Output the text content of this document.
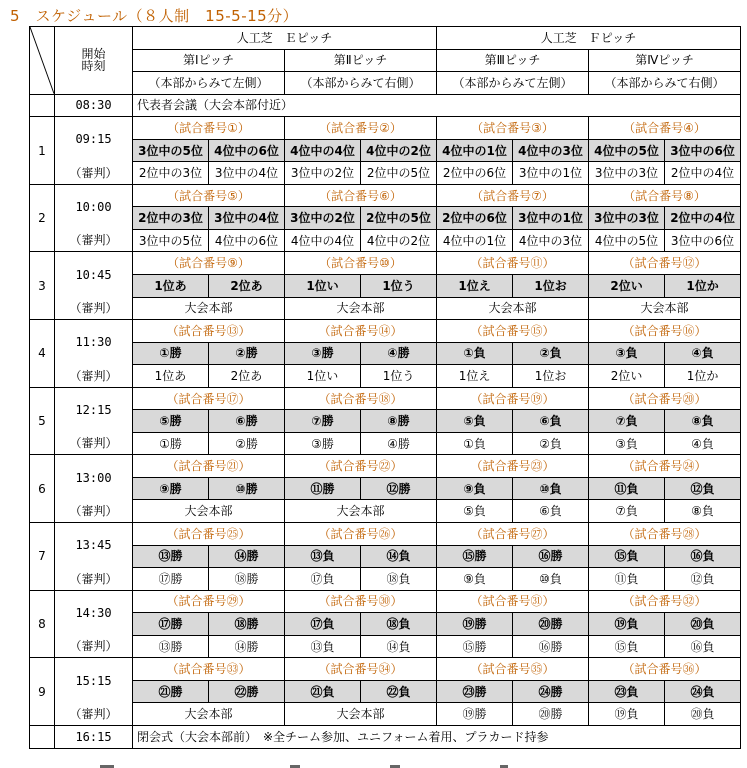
5　スケジュール（８人制　15-5-15分）
	開始
時刻	人工芝　Ｅピッチ				人工芝　Ｆピッチ			
		第Ⅰピッチ		第Ⅱピッチ		第Ⅲピッチ		第Ⅳピッチ	
		（本部からみて左側）		（本部からみて右側）		（本部からみて左側）		（本部からみて右側）	
	08:30	代表者会議（大会本部付近）							
1	09:15	（試合番号①）		（試合番号②）		（試合番号③）		（試合番号④）	
		3位中の5位	4位中の6位	4位中の4位	4位中の2位	4位中の1位	4位中の3位	4位中の5位	3位中の6位
	（審判）	2位中の3位	3位中の4位	3位中の2位	2位中の5位	2位中の6位	3位中の1位	3位中の3位	2位中の4位
2	10:00	（試合番号⑤）		（試合番号⑥）		（試合番号⑦）		（試合番号⑧）	
		2位中の3位	3位中の4位	3位中の2位	2位中の5位	2位中の6位	3位中の1位	3位中の3位	2位中の4位
	（審判）	3位中の5位	4位中の6位	4位中の4位	4位中の2位	4位中の1位	4位中の3位	4位中の5位	3位中の6位
3	10:45	（試合番号⑨）		（試合番号⑩）		（試合番号⑪）		（試合番号⑫）	
		1位あ	2位あ	1位い	1位う	1位え	1位お	2位い	1位か
	（審判）	大会本部		大会本部		大会本部		大会本部	
4	11:30	（試合番号⑬）		（試合番号⑭）		（試合番号⑮）		（試合番号⑯）	
		①勝	②勝	③勝	④勝	①負	②負	③負	④負
	（審判）	1位あ	2位あ	1位い	1位う	1位え	1位お	2位い	1位か
5	12:15	（試合番号⑰）		（試合番号⑱）		（試合番号⑲）		（試合番号⑳）	
		⑤勝	⑥勝	⑦勝	⑧勝	⑤負	⑥負	⑦負	⑧負
	（審判）	①勝	②勝	③勝	④勝	①負	②負	③負	④負
6	13:00	（試合番号㉑）		（試合番号㉒）		（試合番号㉓）		（試合番号㉔）	
		⑨勝	⑩勝	⑪勝	⑫勝	⑨負	⑩負	⑪負	⑫負
	（審判）	大会本部		大会本部		⑤負	⑥負	⑦負	⑧負
7	13:45	（試合番号㉕）		（試合番号㉖）		（試合番号㉗）		（試合番号㉘）	
		⑬勝	⑭勝	⑬負	⑭負	⑮勝	⑯勝	⑮負	⑯負
	（審判）	⑰勝	⑱勝	⑰負	⑱負	⑨負	⑩負	⑪負	⑫負
8	14:30	（試合番号㉙）		（試合番号㉚）		（試合番号㉛）		（試合番号㉜）	
		⑰勝	⑱勝	⑰負	⑱負	⑲勝	⑳勝	⑲負	⑳負
	（審判）	⑬勝	⑭勝	⑬負	⑭負	⑮勝	⑯勝	⑮負	⑯負
9	15:15	（試合番号㉝）		（試合番号㉞）		（試合番号㉟）		（試合番号㊱）	
		㉑勝	㉒勝	㉑負	㉒負	㉓勝	㉔勝	㉓負	㉔負
	（審判）	大会本部		大会本部		⑲勝	⑳勝	⑲負	⑳負
	16:15	閉会式（大会本部前）　※全チーム参加、ユニフォーム着用、プラカード持参							
